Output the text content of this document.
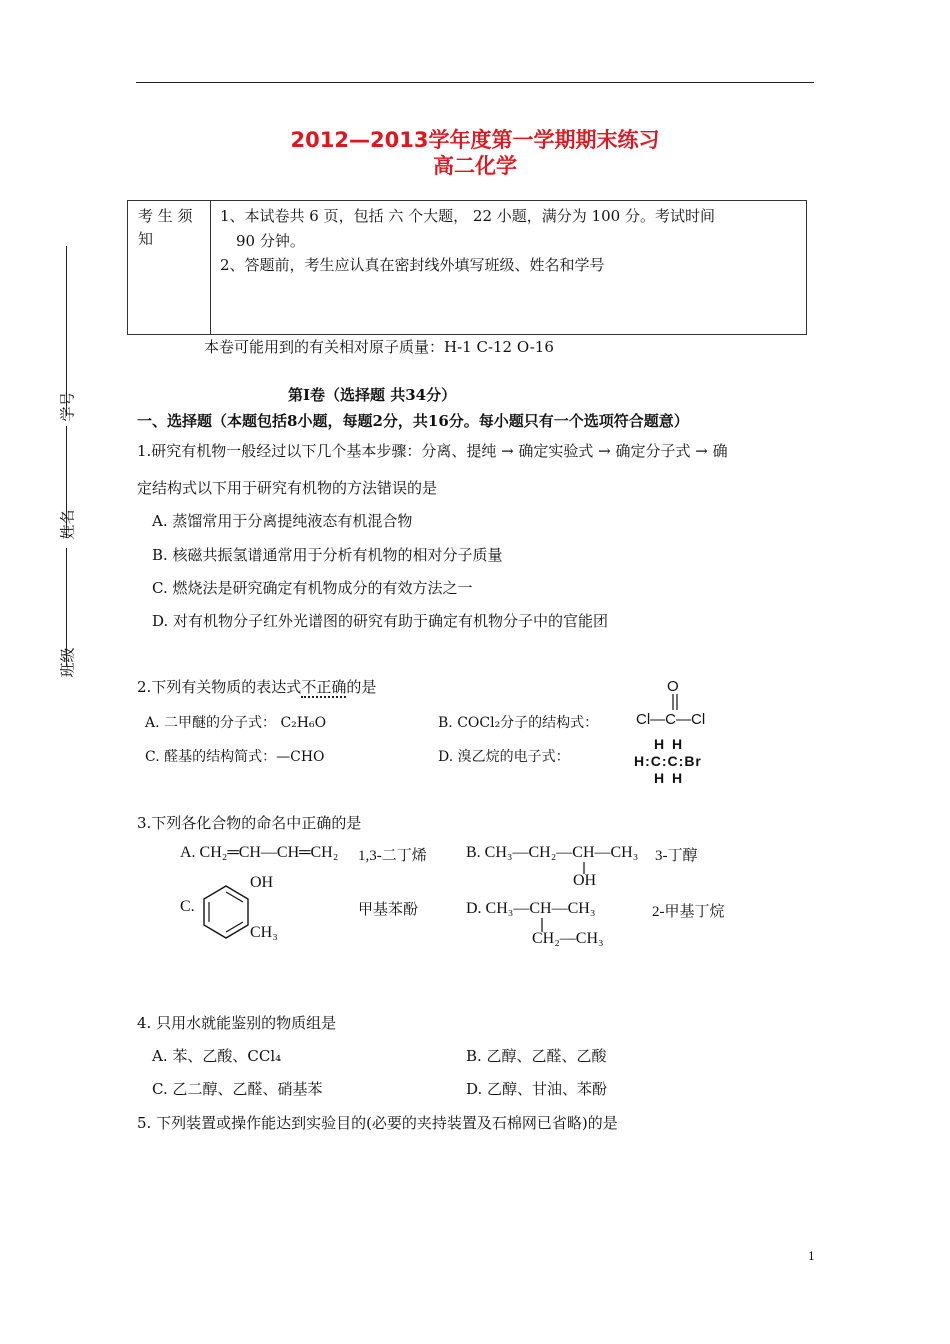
2012—2013学年度第一学期期末练习
高二化学
考 生 须
知
1、本试卷共 6 页，包括 六 个大题， 22 小题，满分为 100 分。考试时间
90 分钟。
2、答题前，考生应认真在密封线外填写班级、姓名和学号
本卷可能用到的有关相对原子质量：H-1 C-12 O-16
学号
姓名
班级
第Ⅰ卷（选择题 共34分）
一、选择题（本题包括8小题，每题2分，共16分。每小题只有一个选项符合题意）
1.研究有机物一般经过以下几个基本步骤：分离、提纯 → 确定实验式 → 确定分子式 → 确
定结构式以下用于研究有机物的方法错误的是
A. 蒸馏常用于分离提纯液态有机混合物
B. 核磁共振氢谱通常用于分析有机物的相对分子质量
C. 燃烧法是研究确定有机物成分的有效方法之一
D. 对有机物分子红外光谱图的研究有助于确定有机物分子中的官能团
2.下列有关物质的表达式不正确的是
A. 二甲醚的分子式： C₂H₆O	B. COCl₂分子的结构式：
C. 醛基的结构简式：—CHO	D. 溴乙烷的电子式：
O
Cl—C—Cl
H H
H:C:C:Br
H H
3.下列各化合物的命名中正确的是
A. CH₂═CH—CH═CH₂ 1,3-二丁烯 B. CH₃—CH₂—CH—CH₃
OH
3-丁醇
C.
OH
CH₃
甲基苯酚	D. CH₃—CH—CH₃
CH₂—CH₃
2-甲基丁烷
4. 只用水就能鉴别的物质组是
A. 苯、乙酸、CCl₄	B. 乙醇、乙醛、乙酸
C. 乙二醇、乙醛、硝基苯	D. 乙醇、甘油、苯酚
5. 下列装置或操作能达到实验目的(必要的夹持装置及石棉网已省略)的是
1
